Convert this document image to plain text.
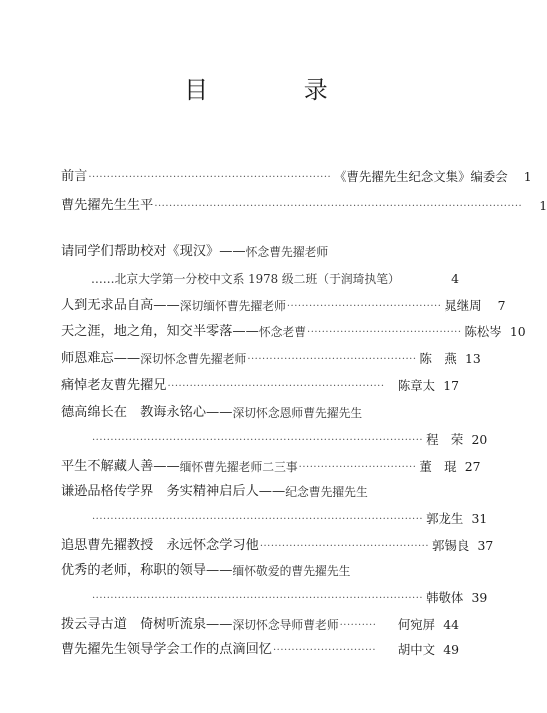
目 录
前言 ·································································· 《曹先擢先生纪念文集》编委会	1
曹先擢先生生平 ····································································································	1
请同学们帮助校对《现汉》—— 怀念曹先擢老师
……北京大学第一分校中文系 1978 级二班（于润琦执笔）	4
人到无求品自高—— 深切缅怀曹先擢老师 ·········································· 晁继周	7
天之涯，地之角，知交半零落—— 怀念老曹 ·········································· 陈松岑 10
师恩难忘—— 深切怀念曹先擢老师 ·············································· 陈　燕 13
痛悼老友曹先擢兄 ···························································	陈章太 17
德高绵长在　教诲永铭心—— 深切怀念恩师曹先擢先生
·························································································· 程　荣 20
平生不解藏人善—— 缅怀曹先擢老师二三事 ································ 董　琨 27
谦逊品格传学界　务实精神启后人—— 纪念曹先擢先生
·························································································· 郭龙生 31
追思曹先擢教授　永远怀念学习他 ·············································· 郭锡良 37
优秀的老师，称职的领导—— 缅怀敬爱的曹先擢先生
·························································································· 韩敬体 39
拨云寻古道　倚树听流泉—— 深切怀念导师曹老师 ··········	何宛屏 44
曹先擢先生领导学会工作的点滴回忆 ····························	胡中文 49
